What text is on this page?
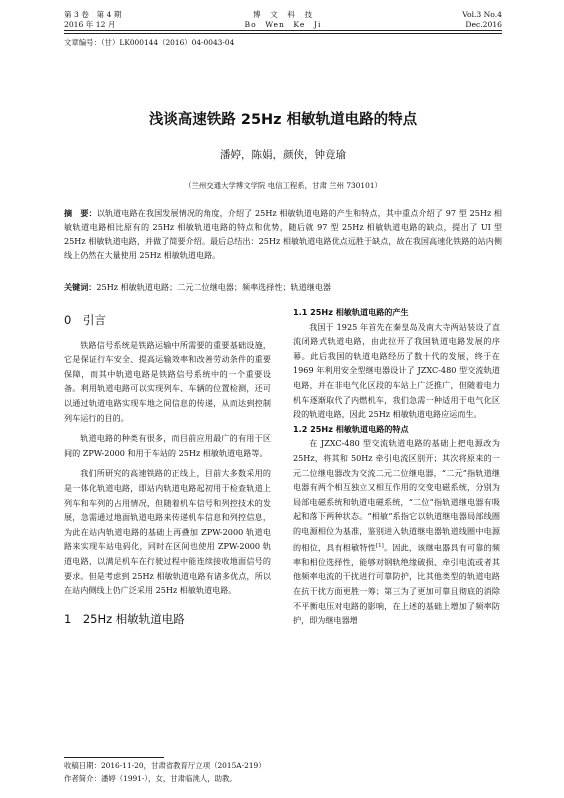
第 3 卷　第 4 期
2016 年 12 月
博　文　科　技
Bo　Wen　Ke　Ji
Vol.3 No.4
Dec.2016
文章编号：（甘）LK000144（2016）04-0043-04
浅谈高速铁路 25Hz 相敏轨道电路的特点
潘婷，陈娟，颜侠，钟竟瑜
（兰州交通大学博文学院 电信工程系，甘肃 兰州 730101）
摘　要：以轨道电路在我国发展情况的角度，介绍了 25Hz 相敏轨道电路的产生和特点，其中重点介绍了 97 型 25Hz 相敏轨道电路相比原有的 25Hz 相敏轨道电路的特点和优势，随后就 97 型 25Hz 相敏轨道电路的缺点，提出了 UI 型 25Hz 相敏轨道电路，并做了简要介绍。最后总结出：25Hz 相敏轨道电路优点远胜于缺点，故在我国高速化铁路的站内侧线上仍然在大量使用 25Hz 相敏轨道电路。
关键词：25Hz 相敏轨道电路；二元二位继电器；频率选择性；轨道继电器
0　引言

铁路信号系统是铁路运输中所需要的重要基础设施，它是保证行车安全、提高运输效率和改善劳动条件的重要保障，而其中轨道电路是铁路信号系统中的一个重要设备。利用轨道电路可以实现列车、车辆的位置检测，还可以通过轨道电路实现车地之间信息的传递，从而达到控制列车运行的目的。

轨道电路的种类有很多，而目前应用最广的有用于区间的 ZPW-2000 和用于车站的 25Hz 相敏轨道电路等。

我们所研究的高速铁路的正线上，目前大多数采用的是一体化轨道电路，即站内轨道电路起初用于检查轨道上列车和车列的占用情况，但随着机车信号和列控技术的发展，急需通过地面轨道电路来传递机车信息和列控信息，为此在站内轨道电路的基础上再叠加 ZPW-2000 轨道电路来实现车站电码化，同时在区间也使用 ZPW-2000 轨道电路，以满足机车在行驶过程中能连续接收地面信号的要求。但是考虑到 25Hz 相敏轨道电路有诸多优点，所以在站内侧线上仍广泛采用 25Hz 相敏轨道电路。

1　25Hz 相敏轨道电路
1.1 25Hz 相敏轨道电路的产生

我国于 1925 年首先在秦皇岛及南大寺两站装设了直流闭路式轨道电路，由此拉开了我国轨道电路发展的序幕。此后我国的轨道电路经历了数十代的发展，终于在 1969 年利用安全型继电器设计了 JZXC-480 型交流轨道电路，并在非电气化区段的车站上广泛推广，但随着电力机车逐渐取代了内燃机车，我们急需一种适用于电气化区段的轨道电路，因此 25Hz 相敏轨道电路应运而生。

1.2 25Hz 相敏轨道电路的特点

在 JZXC-480 型交流轨道电路的基础上把电源改为 25Hz，将其和 50Hz 牵引电流区别开；其次将原来的一元二位继电器改为交流二元二位继电器，“二元”指轨道继电器有两个相互独立又相互作用的交变电磁系统，分别为局部电磁系统和轨道电磁系统，“二位”指轨道继电器有吸起和落下两种状态。“相敏”系指它以轨道继电器局部线圈的电源相位为基准，鉴别进入轨道继电器轨道线圈中电源的相位，具有相敏特性[1]。因此，该继电器具有可靠的频率和相位选择性，能够对钢轨绝缘破损、牵引电流或者其他频率电流的干扰进行可靠防护，比其他类型的轨道电路在抗干扰方面更胜一筹；第三为了更加可靠且彻底的消除不平衡电压对电路的影响，在上述的基础上增加了频率防护，即为继电器增

收稿日期：2016-11-20，甘肃省教育厅立项（2015A-219）
作者简介：潘婷（1991-），女，甘肃临洮人，助教。
